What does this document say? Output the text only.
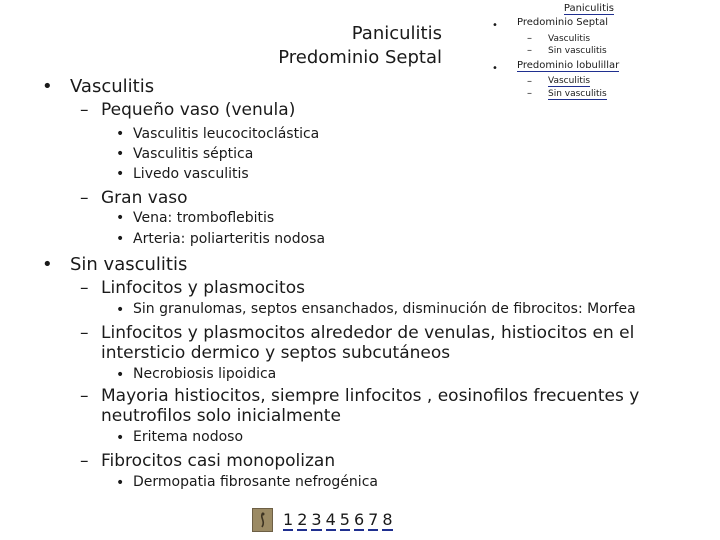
Paniculitis
Predominio Septal
Paniculitis
• Predominio Septal
– Vasculitis
– Sin vasculitis
• Predominio lobulillar
– Vasculitis
– Sin vasculitis
• Vasculitis
– Pequeño vaso (venula)
• Vasculitis leucocitoclástica
• Vasculitis séptica
• Livedo vasculitis
– Gran vaso
• Vena: tromboflebitis
• Arteria: poliarteritis nodosa
• Sin vasculitis
– Linfocitos y plasmocitos
• Sin granulomas, septos ensanchados, disminución de fibrocitos: Morfea
– Linfocitos y plasmocitos alrededor de venulas, histiocitos en el
intersticio dermico y septos subcutáneos
• Necrobiosis lipoidica
– Mayoria histiocitos, siempre linfocitos , eosinofilos frecuentes y
neutrofilos solo inicialmente
• Eritema nodoso
– Fibrocitos casi monopolizan
• Dermopatia fibrosante nefrogénica
1 2 3 4 5 6 7 8
